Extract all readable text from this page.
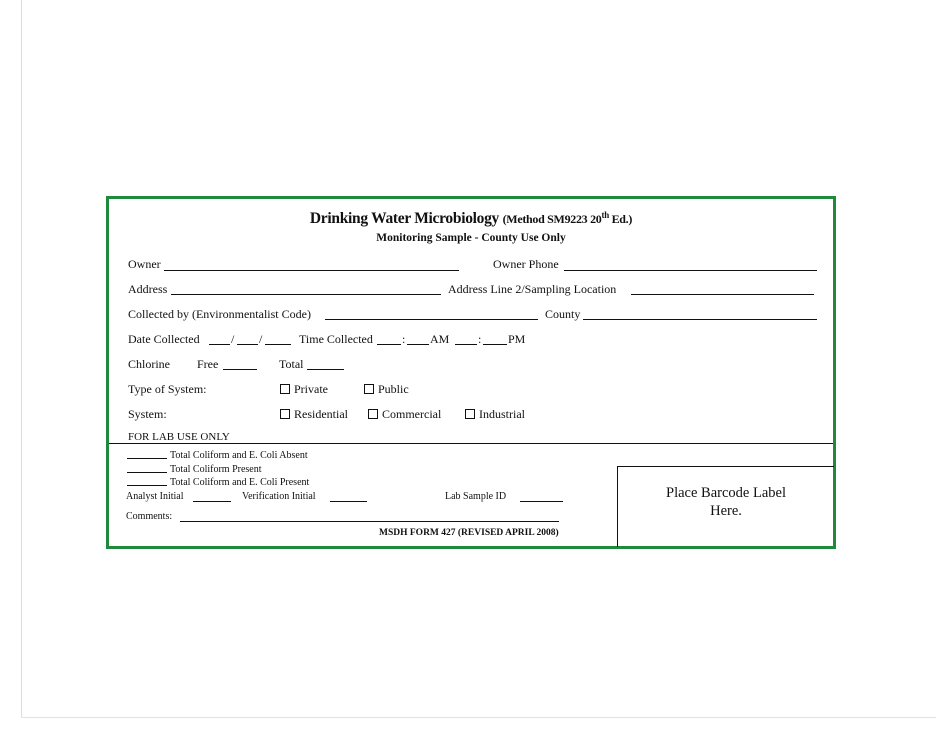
Drinking Water Microbiology (Method SM9223 20th Ed.)
Monitoring Sample - County Use Only
Owner	Owner Phone
Address	Address Line 2/Sampling Location
Collected by (Environmentalist Code)	County
Date Collected	/ /	Time Collected : AM : PM
Chlorine Free	Total
Type of System:	Private	Public
System:	Residential	Commercial	Industrial
FOR LAB USE ONLY
Total Coliform and E. Coli Absent
Total Coliform Present
Total Coliform and E. Coli Present
Analyst Initial	Verification Initial	Lab Sample ID
Comments:
MSDH FORM 427 (REVISED APRIL 2008)
Place Barcode Label
Here.
